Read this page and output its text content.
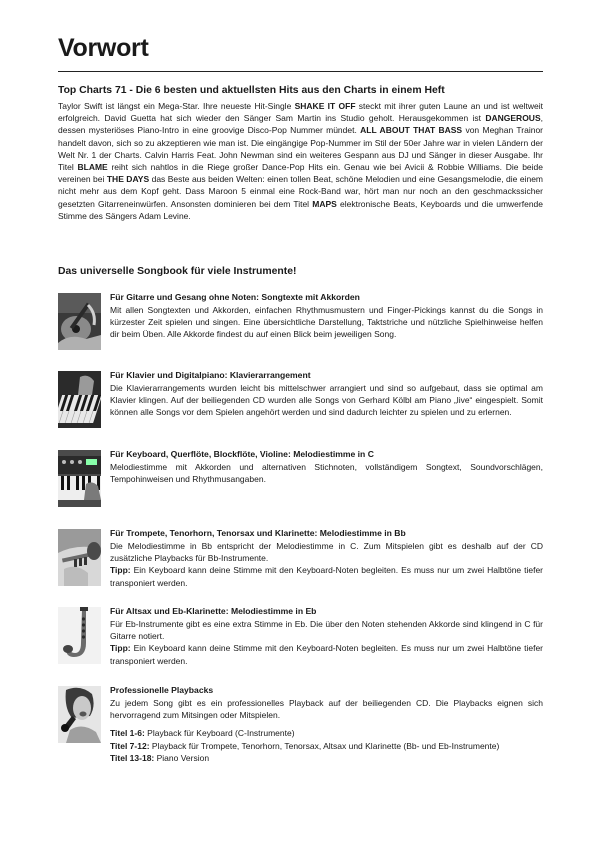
Vorwort
Top Charts 71 - Die 6 besten und aktuellsten Hits aus den Charts in einem Heft

Taylor Swift ist längst ein Mega-Star. Ihre neueste Hit-Single SHAKE IT OFF steckt mit ihrer guten Laune an und ist weltweit erfolgreich. David Guetta hat sich wieder den Sänger Sam Martin ins Studio geholt. Herausgekommen ist DANGEROUS, dessen mysteriöses Piano-Intro in eine groovige Disco-Pop Nummer mündet. ALL ABOUT THAT BASS von Meghan Trainor handelt davon, sich so zu akzeptieren wie man ist. Die eingängige Pop-Nummer im Stil der 50er Jahre war in vielen Ländern der Welt Nr. 1 der Charts. Calvin Harris Feat. John Newman sind ein weiteres Gespann aus DJ und Sänger in dieser Ausgabe. Ihr Titel BLAME reiht sich nahtlos in die Riege großer Dance-Pop Hits ein. Genau wie bei Avicii & Robbie Williams. Die beide vereinen bei THE DAYS das Beste aus beiden Welten: einen tollen Beat, schöne Melodien und eine Gesangsmelodie, die einem nicht mehr aus dem Kopf geht. Dass Maroon 5 einmal eine Rock-Band war, hört man nur noch an den geschmackssicher gesetzten Gitarreneinwürfen. Ansonsten dominieren bei dem Titel MAPS elektronische Beats, Keyboards und die umwerfende Stimme des Sängers Adam Levine.

Das universelle Songbook für viele Instrumente!
Für Gitarre und Gesang ohne Noten: Songtexte mit Akkorden

Mit allen Songtexten und Akkorden, einfachen Rhythmusmustern und Finger-Pickings kannst du die Songs in kürzester Zeit spielen und singen. Eine übersichtliche Darstellung, Taktstriche und nützliche Spielhinweise helfen dir beim Üben. Alle Akkorde findest du auf einen Blick beim jeweiligen Song.

Für Klavier und Digitalpiano: Klavierarrangement

Die Klavierarrangements wurden leicht bis mittelschwer arrangiert und sind so aufgebaut, dass sie optimal am Klavier klingen. Auf der beiliegenden CD wurden alle Songs von Gerhard Kölbl am Piano „live“ eingespielt. Somit können alle Songs vor dem Spielen angehört werden und sind dadurch leichter zu spielen und zu erlernen.

Für Keyboard, Querflöte, Blockflöte, Violine: Melodiestimme in C

Melodiestimme mit Akkorden und alternativen Stichnoten, vollständigem Songtext, Soundvorschlägen, Tempohinweisen und Rhythmusangaben.

Für Trompete, Tenorhorn, Tenorsax und Klarinette: Melodiestimme in Bb

Die Melodiestimme in Bb entspricht der Melodiestimme in C. Zum Mitspielen gibt es deshalb auf der CD zusätzliche Playbacks für Bb-Instrumente.
Tipp: Ein Keyboard kann deine Stimme mit den Keyboard-Noten begleiten. Es muss nur um zwei Halbtöne tiefer transponiert werden.

Für Altsax und Eb-Klarinette: Melodiestimme in Eb

Für Eb-Instrumente gibt es eine extra Stimme in Eb. Die über den Noten stehenden Akkorde sind klingend in C für Gitarre notiert.
Tipp: Ein Keyboard kann deine Stimme mit den Keyboard-Noten begleiten. Es muss nur um zwei Halbtöne tiefer transponiert werden.

Professionelle Playbacks

Zu jedem Song gibt es ein professionelles Playback auf der beiliegenden CD. Die Playbacks eignen sich hervorragend zum Mitsingen oder Mitspielen.

Titel 1-6: Playback für Keyboard (C-Instrumente)
Titel 7-12: Playback für Trompete, Tenorhorn, Tenorsax, Altsax und Klarinette (Bb- und Eb-Instrumente)
Titel 13-18: Piano Version
